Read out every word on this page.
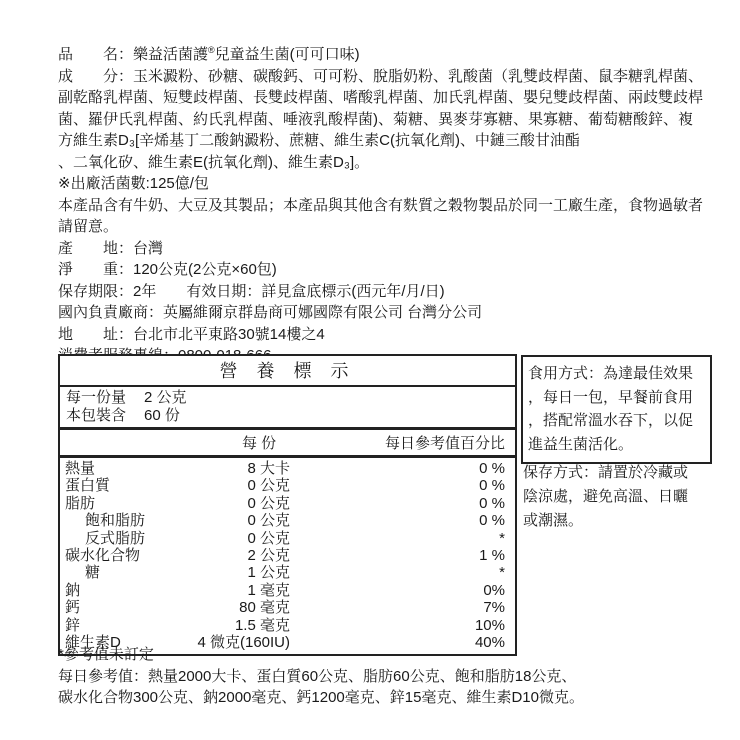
品　　名：樂益活菌護®兒童益生菌(可可口味)
成　　分：玉米澱粉、砂糖、碳酸鈣、可可粉、脫脂奶粉、乳酸菌（乳雙歧桿菌、鼠李糖乳桿菌、
副乾酪乳桿菌、短雙歧桿菌、長雙歧桿菌、嗜酸乳桿菌、加氏乳桿菌、嬰兒雙歧桿菌、兩歧雙歧桿
菌、羅伊氏乳桿菌、約氏乳桿菌、唾液乳酸桿菌)、菊糖、異麥芽寡糖、果寡糖、葡萄糖酸鋅、複
方維生素D₃[辛烯基丁二酸鈉澱粉、蔗糖、維生素C(抗氧化劑)、中鏈三酸甘油酯
、二氧化矽、維生素E(抗氧化劑)、維生素D₃]。
※出廠活菌數:125億/包
本產品含有牛奶、大豆及其製品；本產品與其他含有麩質之穀物製品於同一工廠生產，食物過敏者
請留意。
產　　地：台灣
淨　　重：120公克(2公克×60包)
保存期限：2年　　有效日期：詳見盒底標示(西元年/月/日)
國內負責廠商：英屬維爾京群島商可娜國際有限公司 台灣分公司
地　　址：台北市北平東路30號14樓之4
營 養 標 示
每一份量 2 公克
本包裝含 60 份
每 份	每日參考值百分比
熱量	8 大卡	0 %
蛋白質	0 公克	0 %
脂肪	0 公克	0 %
飽和脂肪	0 公克	0 %
反式脂肪	0 公克	*
碳水化合物	2 公克	1 %
糖	1 公克	*
鈉	1 毫克	0%
鈣	80 毫克	7%
鋅	1.5 毫克	10%
維生素D	4 微克(160IU)	40%
食用方式：為達最佳效果
，每日一包，早餐前食用
，搭配常溫水吞下，以促
進益生菌活化。
保存方式：請置於冷藏或
陰涼處，避免高溫、日曬
或潮濕。
*參考值未訂定
每日參考值：熱量2000大卡、蛋白質60公克、脂肪60公克、飽和脂肪18公克、
碳水化合物300公克、鈉2000毫克、鈣1200毫克、鋅15毫克、維生素D10微克。
